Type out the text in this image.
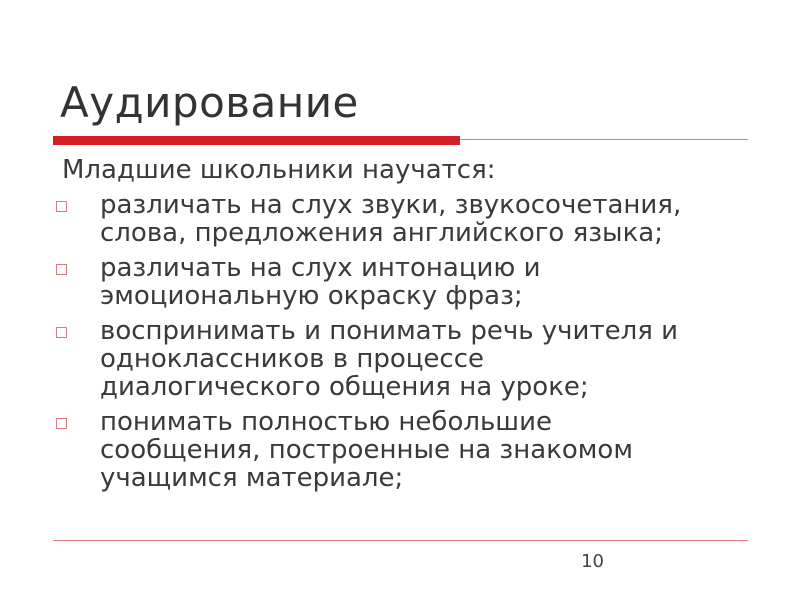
Аудирование
Младшие школьники научатся:
различать на слух звуки, звукосочетания,
слова, предложения английского языка;
различать на слух интонацию и
эмоциональную окраску фраз;
воспринимать и понимать речь учителя и
одноклассников в процессе
диалогического общения на уроке;
понимать полностью небольшие
сообщения, построенные на знакомом
учащимся материале;
10
